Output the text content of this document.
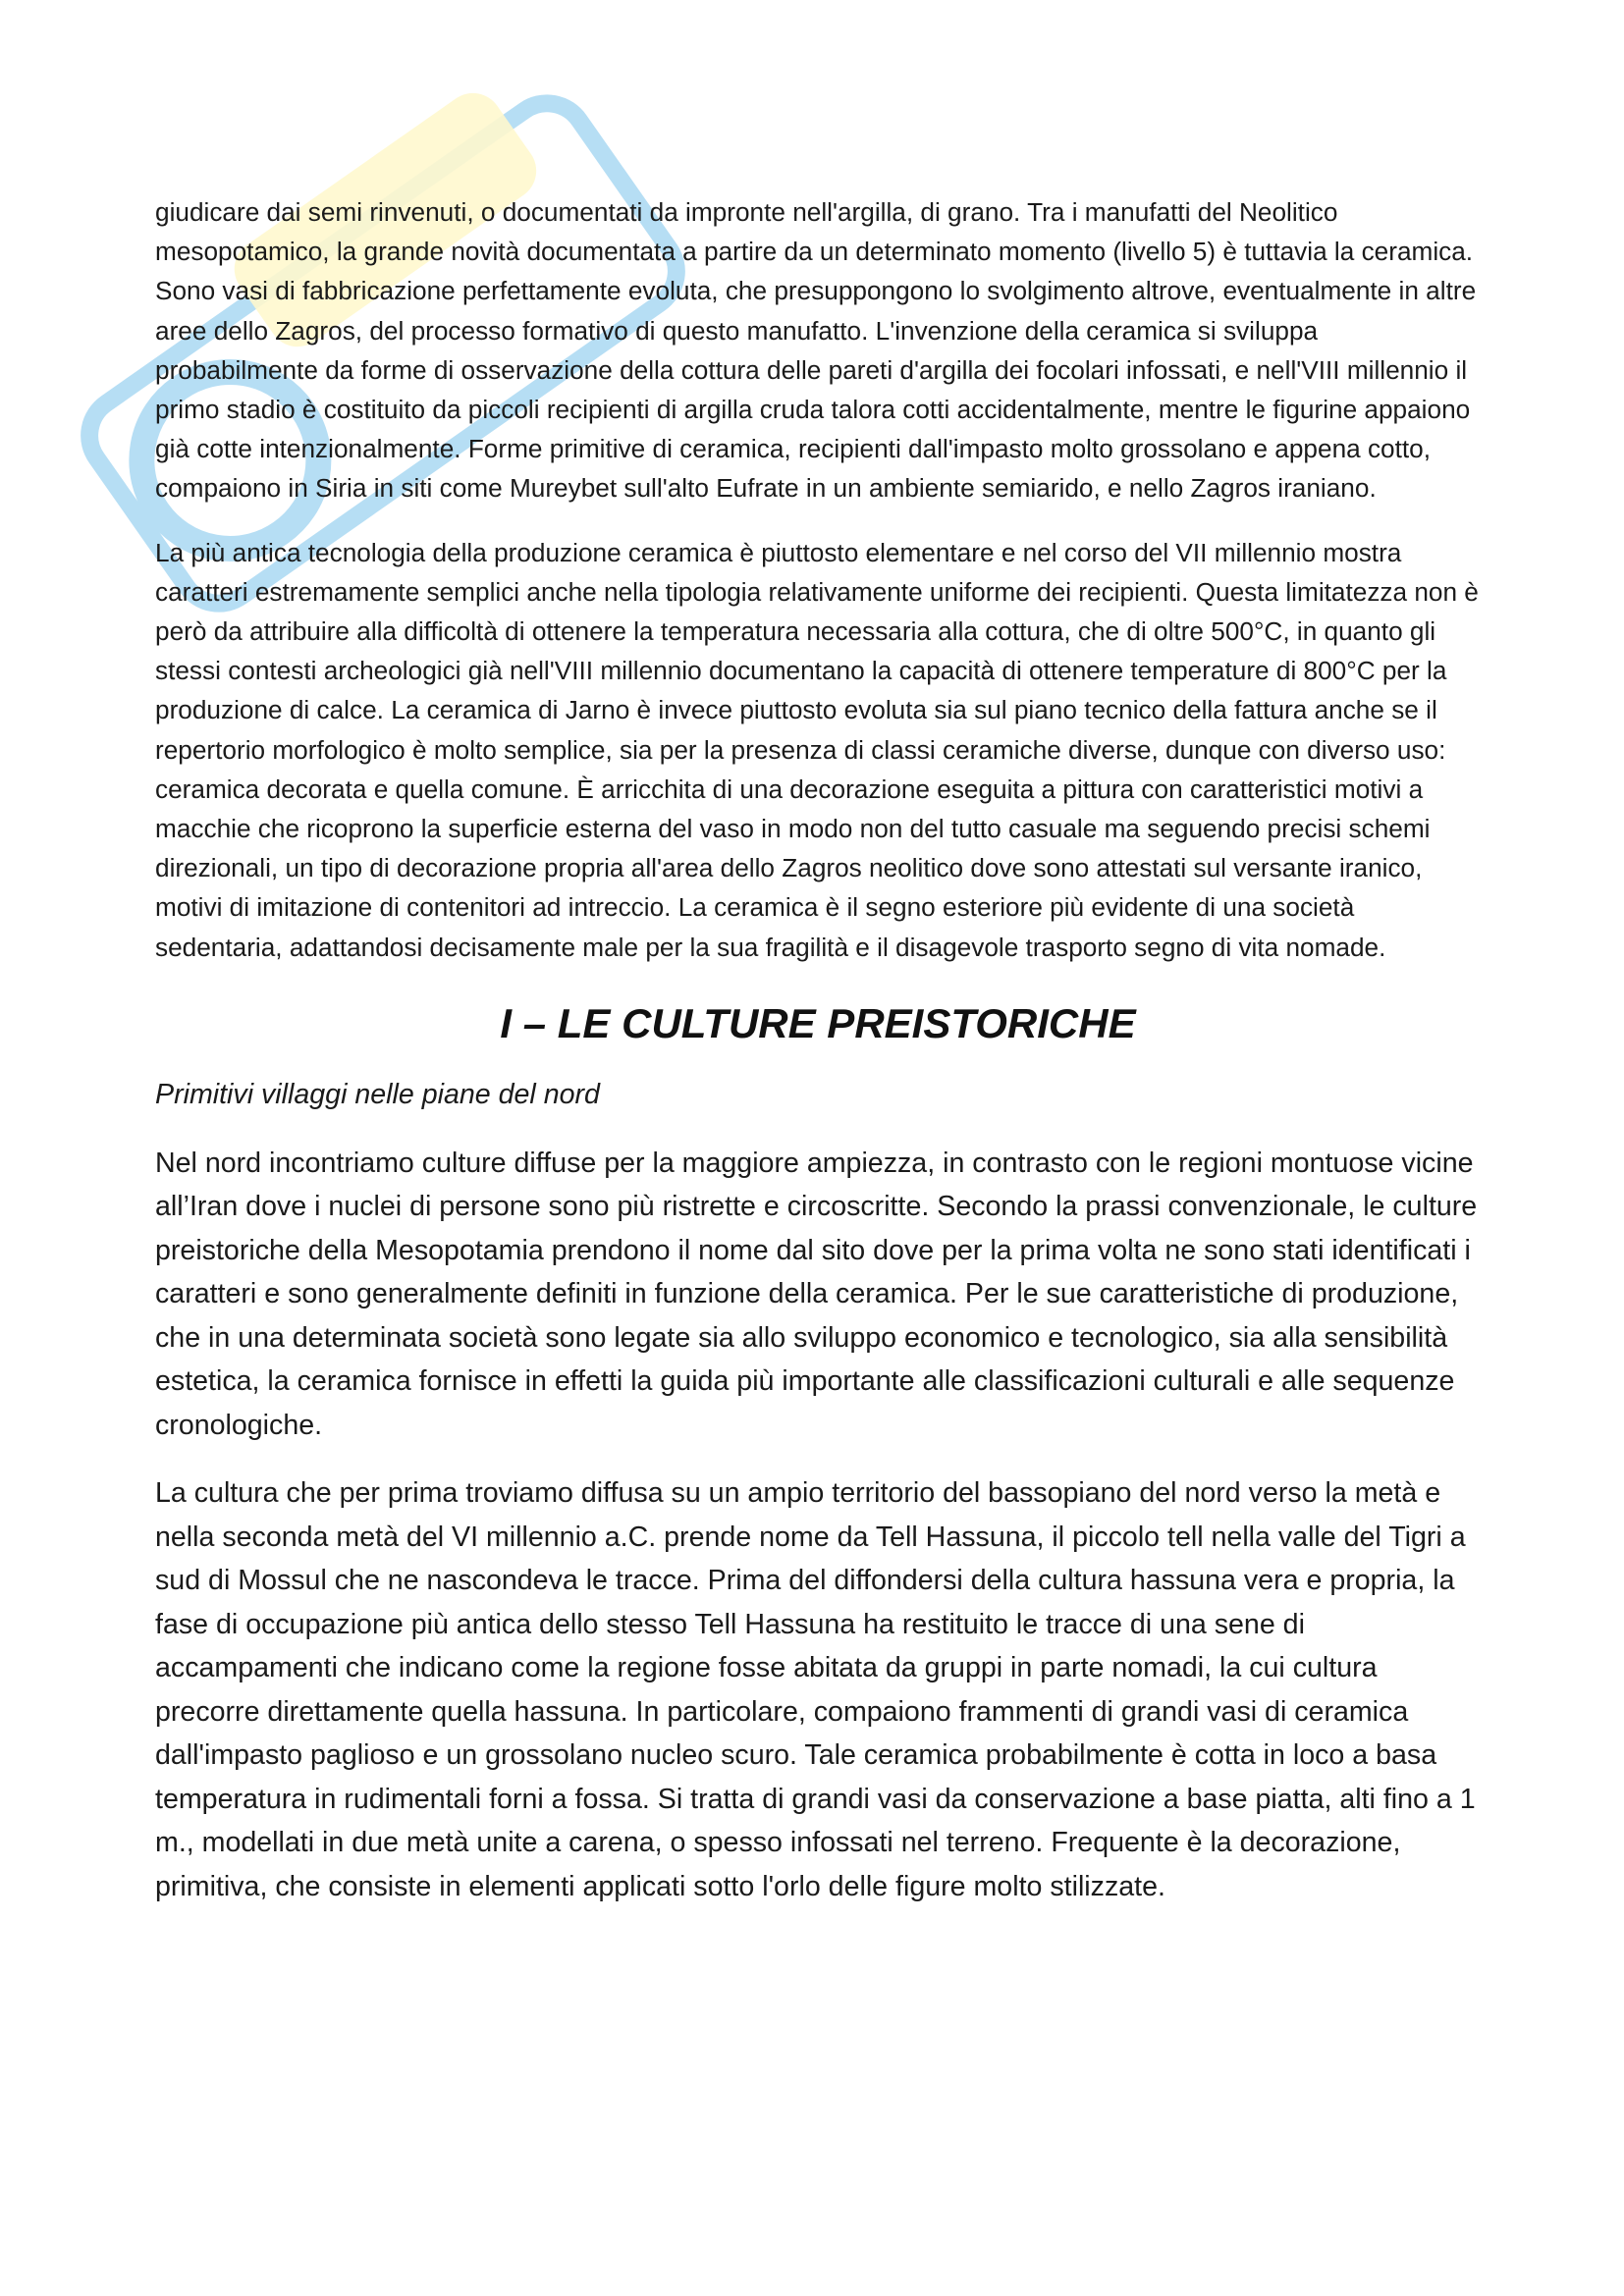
giudicare dai semi rinvenuti, o documentati da impronte nell'argilla, di grano. Tra i manufatti del Neolitico mesopotamico, la grande novità documentata a partire da un determinato momento (livello 5) è tuttavia la ceramica. Sono vasi di fabbricazione perfettamente evoluta, che presuppongono lo svolgimento altrove, eventualmente in altre aree dello Zagros, del processo formativo di questo manufatto. L'invenzione della ceramica si sviluppa probabilmente da forme di osservazione della cottura delle pareti d'argilla dei focolari infossati, e nell'VIII millennio il primo stadio è costituito da piccoli recipienti di argilla cruda talora cotti accidentalmente, mentre le figurine appaiono già cotte intenzionalmente. Forme primitive di ceramica, recipienti dall'impasto molto grossolano e appena cotto, compaiono in Siria in siti come Mureybet sull'alto Eufrate in un ambiente semiarido, e nello Zagros iraniano.

La più antica tecnologia della produzione ceramica è piuttosto elementare e nel corso del VII millennio mostra caratteri estremamente semplici anche nella tipologia relativamente uniforme dei recipienti. Questa limitatezza non è però da attribuire alla difficoltà di ottenere la temperatura necessaria alla cottura, che di oltre 500°C, in quanto gli stessi contesti archeologici già nell'VIII millennio documentano la capacità di ottenere temperature di 800°C per la produzione di calce. La ceramica di Jarno è invece piuttosto evoluta sia sul piano tecnico della fattura anche se il repertorio morfologico è molto semplice, sia per la presenza di classi ceramiche diverse, dunque con diverso uso: ceramica decorata e quella comune. È arricchita di una decorazione eseguita a pittura con caratteristici motivi a macchie che ricoprono la superficie esterna del vaso in modo non del tutto casuale ma seguendo precisi schemi direzionali, un tipo di decorazione propria all'area dello Zagros neolitico dove sono attestati sul versante iranico, motivi di imitazione di contenitori ad intreccio. La ceramica è il segno esteriore più evidente di una società sedentaria, adattandosi decisamente male per la sua fragilità e il disagevole trasporto segno di vita nomade.

I – LE CULTURE PREISTORICHE
Primitivi villaggi nelle piane del nord

Nel nord incontriamo culture diffuse per la maggiore ampiezza, in contrasto con le regioni montuose vicine all’Iran dove i nuclei di persone sono più ristrette e circoscritte. Secondo la prassi convenzionale, le culture preistoriche della Mesopotamia prendono il nome dal sito dove per la prima volta ne sono stati identificati i caratteri e sono generalmente definiti in funzione della ceramica. Per le sue caratteristiche di produzione, che in una determinata società sono legate sia allo sviluppo economico e tecnologico, sia alla sensibilità estetica, la ceramica fornisce in effetti la guida più importante alle classificazioni culturali e alle sequenze cronologiche.

La cultura che per prima troviamo diffusa su un ampio territorio del bassopiano del nord verso la metà e nella seconda metà del VI millennio a.C. prende nome da Tell Hassuna, il piccolo tell nella valle del Tigri a sud di Mossul che ne nascondeva le tracce. Prima del diffondersi della cultura hassuna vera e propria, la fase di occupazione più antica dello stesso Tell Hassuna ha restituito le tracce di una sene di accampamenti che indicano come la regione fosse abitata da gruppi in parte nomadi, la cui cultura precorre direttamente quella hassuna. In particolare, compaiono frammenti di grandi vasi di ceramica dall'impasto paglioso e un grossolano nucleo scuro. Tale ceramica probabilmente è cotta in loco a basa temperatura in rudimentali forni a fossa. Si tratta di grandi vasi da conservazione a base piatta, alti fino a 1 m., modellati in due metà unite a carena, o spesso infossati nel terreno. Frequente è la decorazione, primitiva, che consiste in elementi applicati sotto l'orlo delle figure molto stilizzate.
